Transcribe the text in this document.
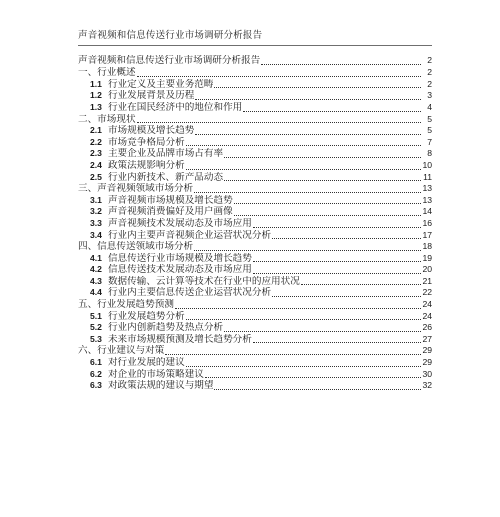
声音视频和信息传送行业市场调研分析报告
声音视频和信息传送行业市场调研分析报告	2
一、行业概述	2
1.1 行业定义及主要业务范畴	2
1.2 行业发展背景及历程	3
1.3 行业在国民经济中的地位和作用	4
二、市场现状	5
2.1 市场规模及增长趋势	5
2.2 市场竞争格局分析	7
2.3 主要企业及品牌市场占有率	8
2.4 政策法规影响分析	10
2.5 行业内新技术、新产品动态	11
三、声音视频领域市场分析	13
3.1 声音视频市场规模及增长趋势	13
3.2 声音视频消费偏好及用户画像	14
3.3 声音视频技术发展动态及市场应用	16
3.4 行业内主要声音视频企业运营状况分析	17
四、信息传送领域市场分析	18
4.1 信息传送行业市场规模及增长趋势	19
4.2 信息传送技术发展动态及市场应用	20
4.3 数据传输、云计算等技术在行业中的应用状况	21
4.4 行业内主要信息传送企业运营状况分析	22
五、行业发展趋势预测	24
5.1 行业发展趋势分析	24
5.2 行业内创新趋势及热点分析	26
5.3 未来市场规模预测及增长趋势分析	27
六、行业建议与对策	29
6.1 对行业发展的建议	29
6.2 对企业的市场策略建议	30
6.3 对政策法规的建议与期望	32
